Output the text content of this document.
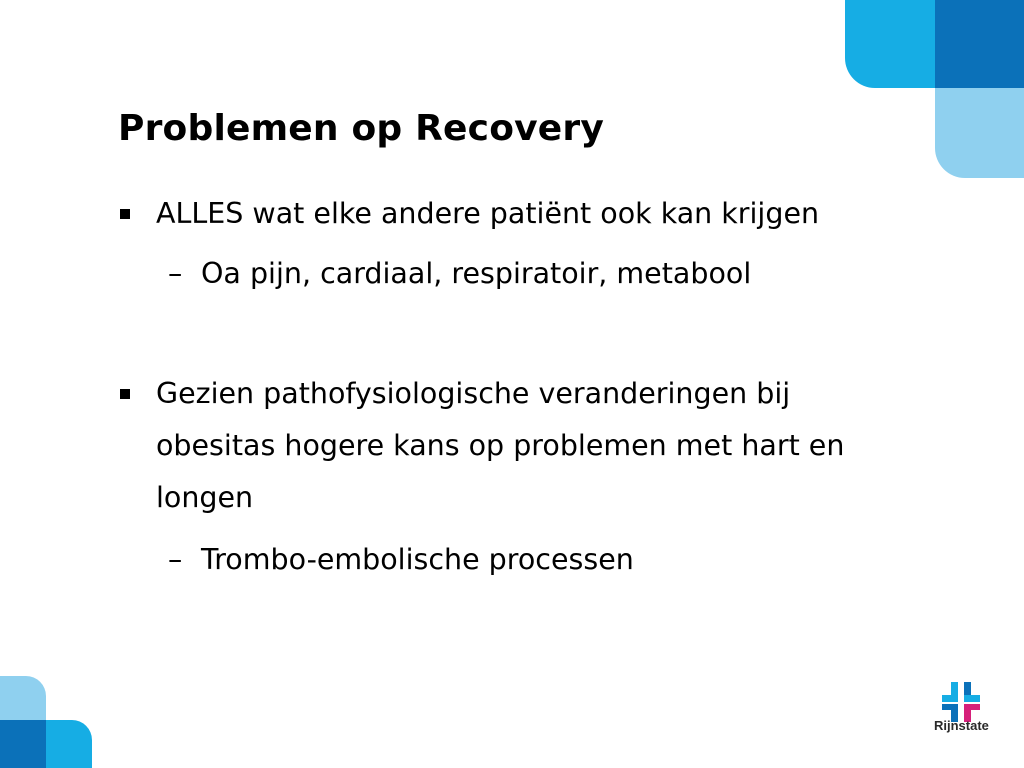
Problemen op Recovery
ALLES wat elke andere patiënt ook kan krijgen
– Oa pijn, cardiaal, respiratoir, metabool
Gezien pathofysiologische veranderingen bij
obesitas hogere kans op problemen met hart en
longen
– Trombo-embolische processen
Rijnstate
